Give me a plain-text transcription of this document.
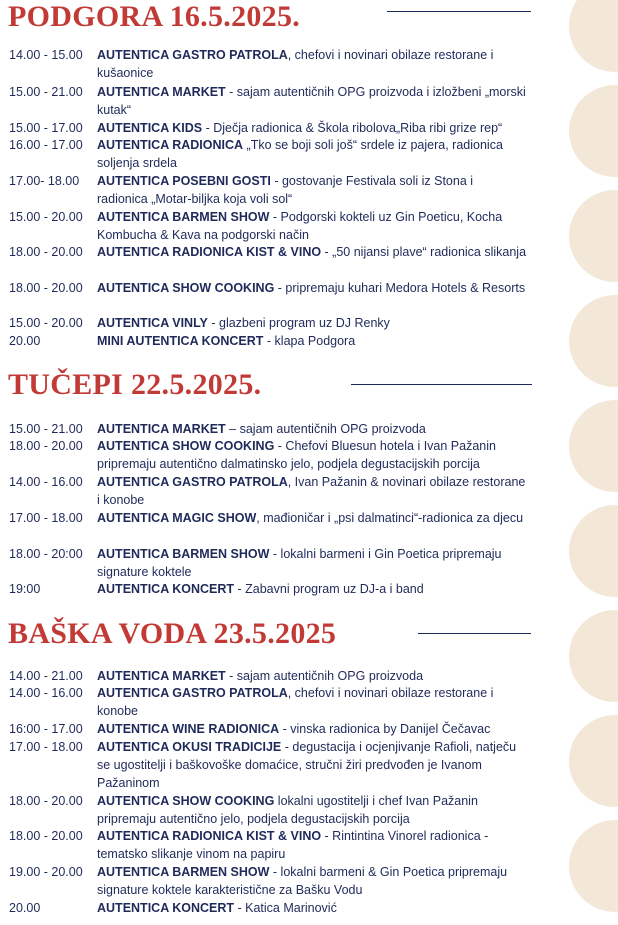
PODGORA 16.5.2025.
14.00 - 15.00	AUTENTICA GASTRO PATROLA, chefovi i novinari obilaze restorane i kušaonice
15.00 - 21.00	AUTENTICA MARKET - sajam autentičnih OPG proizvoda i izložbeni „morski kutak“
15.00 - 17.00	AUTENTICA KIDS - Dječja radionica & Škola ribolova„Riba ribi grize rep“
16.00 - 17.00	AUTENTICA RADIONICA „Tko se boji soli još“ srdele iz pajera, radionica soljenja srdela
17.00- 18.00	AUTENTICA POSEBNI GOSTI - gostovanje Festivala soli iz Stona i radionica „Motar-biljka koja voli sol“
15.00 - 20.00	AUTENTICA BARMEN SHOW - Podgorski kokteli uz Gin Poeticu, Kocha Kombucha & Kava na podgorski način
18.00 - 20.00	AUTENTICA RADIONICA KIST & VINO - „50 nijansi plave“ radionica slikanja
18.00 - 20.00	AUTENTICA SHOW COOKING - pripremaju kuhari Medora Hotels & Resorts
15.00 - 20.00	AUTENTICA VINLY - glazbeni program uz DJ Renky
20.00	MINI AUTENTICA KONCERT - klapa Podgora
TUČEPI 22.5.2025.
15.00 - 21.00	AUTENTICA MARKET – sajam autentičnih OPG proizvoda
18.00 - 20.00	AUTENTICA SHOW COOKING - Chefovi Bluesun hotela i Ivan Pažanin pripremaju autentično dalmatinsko jelo, podjela degustacijskih porcija
14.00 - 16.00	AUTENTICA GASTRO PATROLA, Ivan Pažanin & novinari obilaze restorane i konobe
17.00 - 18.00	AUTENTICA MAGIC SHOW, mađioničar i „psi dalmatinci“-radionica za djecu
18.00 - 20:00	AUTENTICA BARMEN SHOW - lokalni barmeni i Gin Poetica pripremaju signature koktele
19:00	AUTENTICA KONCERT - Zabavni program uz DJ-a i band
BAŠKA VODA 23.5.2025
14.00 - 21.00	AUTENTICA MARKET - sajam autentičnih OPG proizvoda
14.00 - 16.00	AUTENTICA GASTRO PATROLA, chefovi i novinari obilaze restorane i konobe
16:00 - 17.00	AUTENTICA WINE RADIONICA - vinska radionica by Danijel Čečavac
17.00 - 18.00	AUTENTICA OKUSI TRADICIJE - degustacija i ocjenjivanje Rafioli, natječu se ugostitelji i baškovoške domaćice, stručni žiri predvođen je Ivanom Pažaninom
18.00 - 20.00	AUTENTICA SHOW COOKING lokalni ugostitelji i chef Ivan Pažanin pripremaju autentično jelo, podjela degustacijskih porcija
18.00 - 20.00	AUTENTICA RADIONICA KIST & VINO - Rintintina Vinorel radionica - tematsko slikanje vinom na papiru
19.00 - 20.00	AUTENTICA BARMEN SHOW - lokalni barmeni & Gin Poetica pripremaju signature koktele karakteristične za Bašku Vodu
20.00	AUTENTICA KONCERT - Katica Marinović
